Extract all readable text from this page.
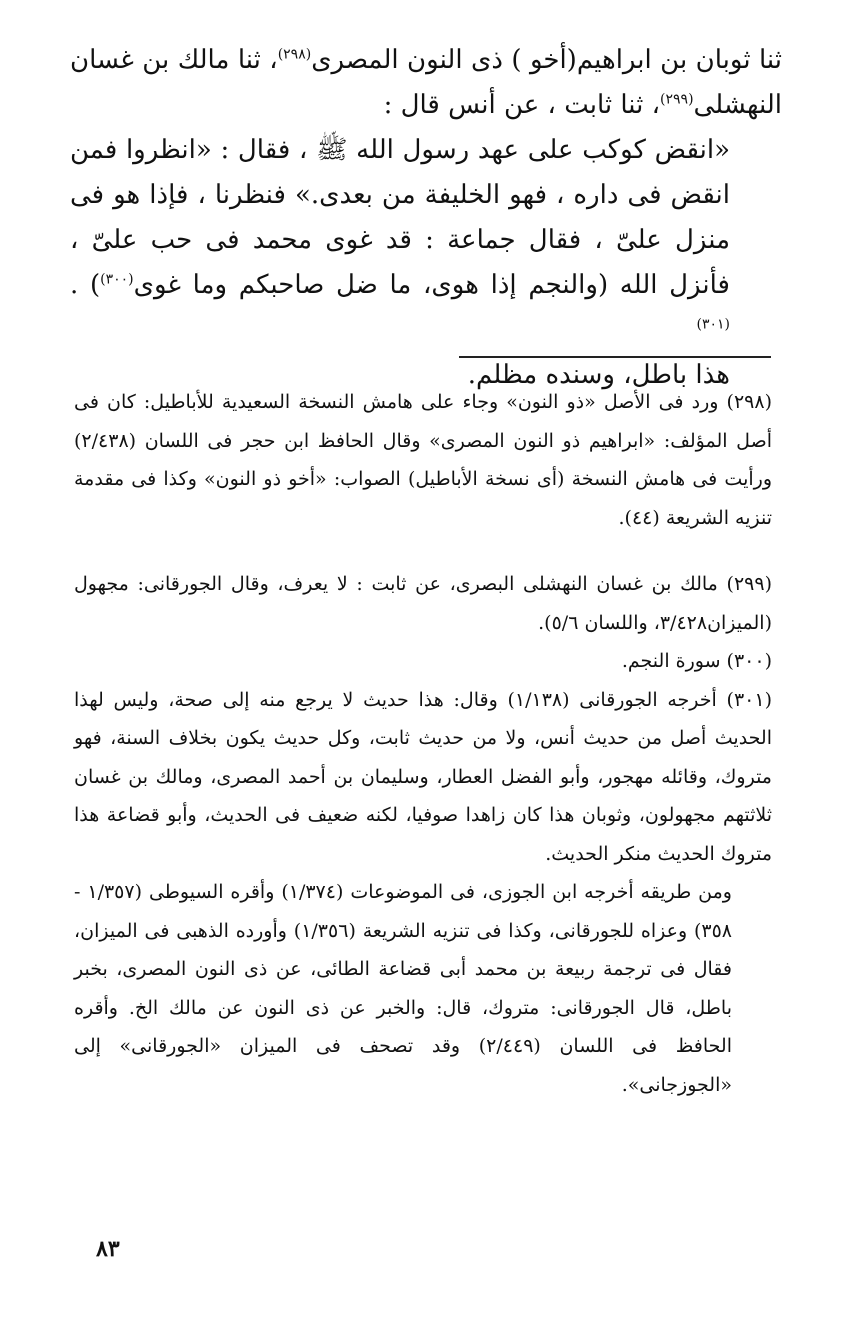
ثنا ثوبان بن ابراهيم(أخو ) ذى النون المصرى$^{(٢٩٨)}$، ثنا مالك بن غسان النهشلى$^{(٢٩٩)}$، ثنا ثابت ، عن أنس قال :

«انقض كوكب على عهد رسول الله ﷺ ، فقال : «انظروا فمن انقض فى داره ، فهو الخليفة من بعدى.» فنظرنا ، فإذا هو فى منزل علىّ ، فقال جماعة : قد غوى محمد فى حب علىّ ، فأنزل الله (والنجم إذا هوى، ما ضل صاحبكم وما غوى$^{(٣٠٠)}$) . $^{(٣٠١)}$

هذا باطل، وسنده مظلم.

(٢٩٨) ورد فى الأصل «ذو النون» وجاء على هامش النسخة السعيدية للأباطيل: كان فى أصل المؤلف: «ابراهيم ذو النون المصرى» وقال الحافظ ابن حجر فى اللسان (٢/٤٣٨) ورأيت فى هامش النسخة (أى نسخة الأباطيل) الصواب: «أخو ذو النون» وكذا فى مقدمة تنزيه الشريعة (٤٤).

(٢٩٩) مالك بن غسان النهشلى البصرى، عن ثابت : لا يعرف، وقال الجورقانى: مجهول (الميزان٣/٤٢٨، واللسان ٥/٦).

(٣٠٠) سورة النجم.

(٣٠١) أخرجه الجورقانى (١/١٣٨) وقال: هذا حديث لا يرجع منه إلى صحة، وليس لهذا الحديث أصل من حديث أنس، ولا من حديث ثابت، وكل حديث يكون بخلاف السنة، فهو متروك، وقائله مهجور، وأبو الفضل العطار، وسليمان بن أحمد المصرى، ومالك بن غسان ثلاثتهم مجهولون، وثوبان هذا كان زاهدا صوفيا، لكنه ضعيف فى الحديث، وأبو قضاعة هذا متروك الحديث منكر الحديث.

ومن طريقه أخرجه ابن الجوزى، فى الموضوعات (١/٣٧٤) وأقره السيوطى (١/٣٥٧ - ٣٥٨) وعزاه للجورقانى، وكذا فى تنزيه الشريعة (١/٣٥٦) وأورده الذهبى فى الميزان، فقال فى ترجمة ربيعة بن محمد أبى قضاعة الطائى، عن ذى النون المصرى، بخبر باطل، قال الجورقانى: متروك، قال: والخبر عن ذى النون عن مالك الخ. وأقره الحافظ فى اللسان (٢/٤٤٩) وقد تصحف فى الميزان «الجورقانى» إلى «الجوزجانى».

٨٣
